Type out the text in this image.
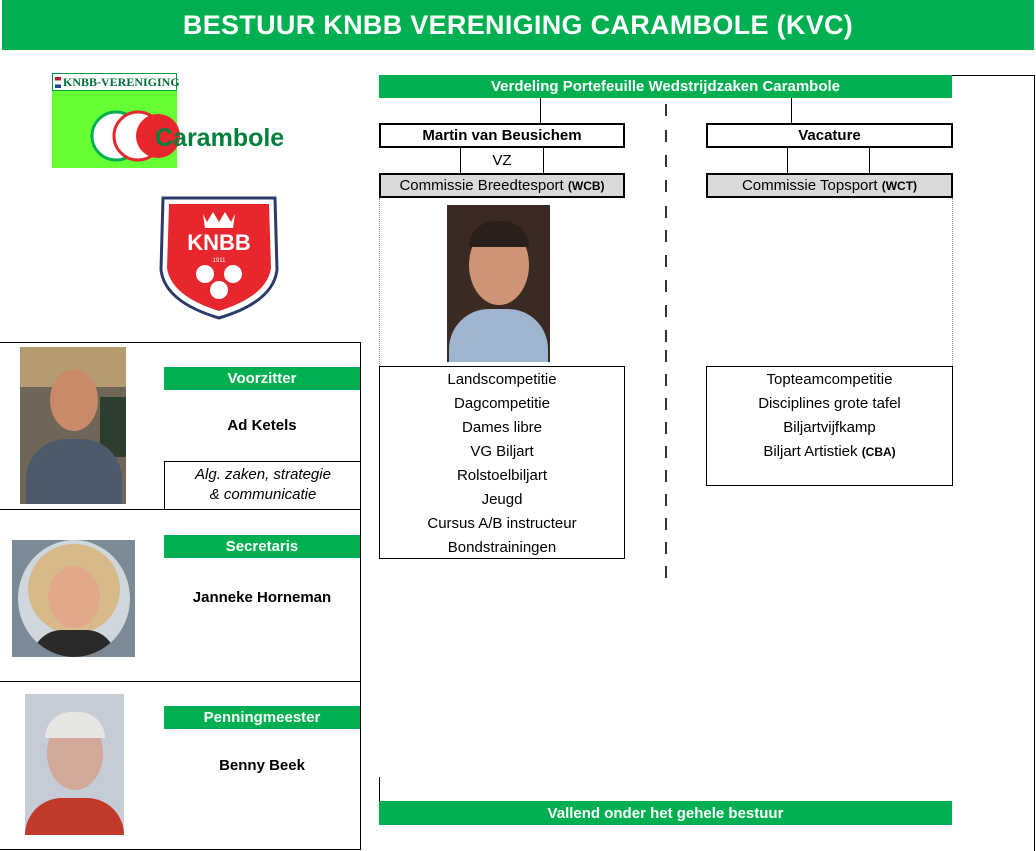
BESTUUR KNBB VERENIGING CARAMBOLE (KVC)
KNBB-VERENIGING
Carambole
KNBB
1911
Voorzitter
Ad Ketels
Alg. zaken, strategie
& communicatie
Secretaris
Janneke Horneman
Penningmeester
Benny Beek
Verdeling Portefeuille Wedstrijdzaken Carambole
Martin van Beusichem
VZ
Commissie Breedtesport
(WCB)
Landscompetitie
Dagcompetitie
Dames libre
VG Biljart
Rolstoelbiljart
Jeugd
Cursus A/B instructeur
Bondstrainingen
Vacature
Commissie Topsport
(WCT)
Topteamcompetitie
Disciplines grote tafel
Biljartvijfkamp
Biljart Artistiek (CBA)
Vallend onder het gehele bestuur
